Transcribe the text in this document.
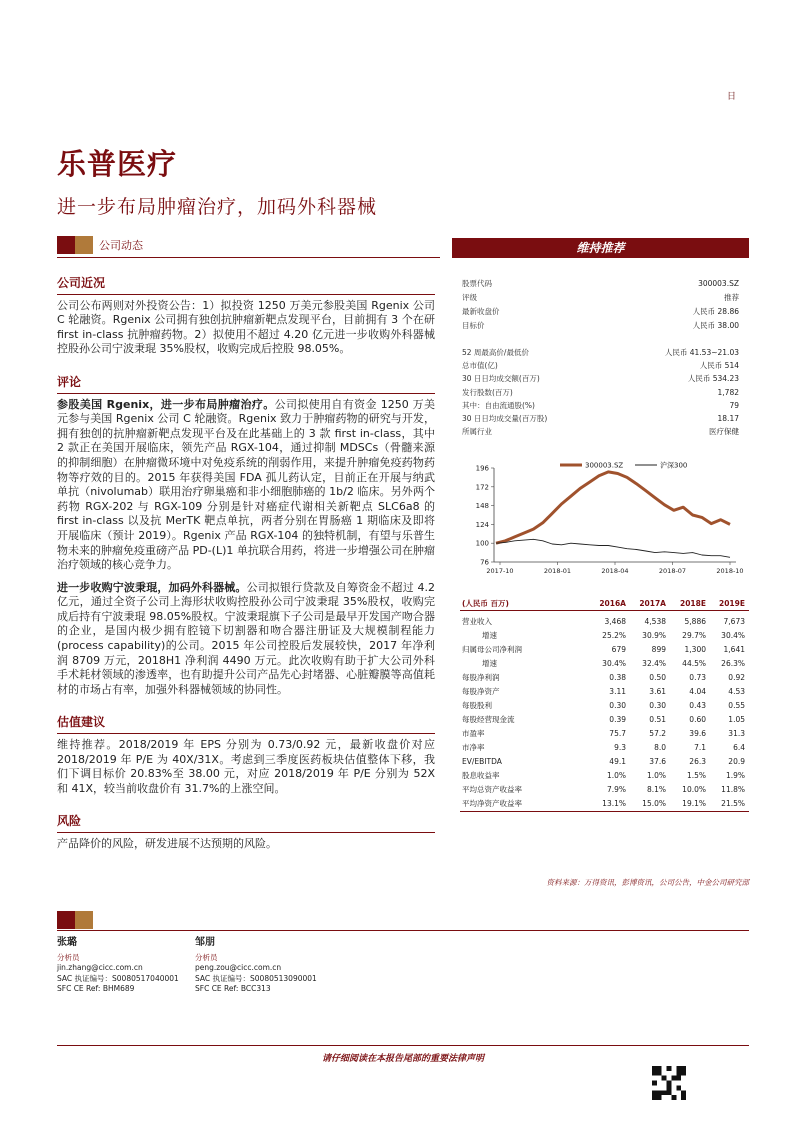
日
乐普医疗
进一步布局肿瘤治疗，加码外科器械
公司动态
公司近况

公司公布两则对外投资公告：1）拟投资 1250 万美元参股美国 Rgenix 公司 C 轮融资。Rgenix 公司拥有独创抗肿瘤新靶点发现平台，目前拥有 3 个在研 first in-class 抗肿瘤药物。2）拟使用不超过 4.20 亿元进一步收购外科器械控股孙公司宁波秉琨 35%股权，收购完成后控股 98.05%。

评论

参股美国 Rgenix，进一步布局肿瘤治疗。公司拟使用自有资金 1250 万美元参与美国 Rgenix 公司 C 轮融资。Rgenix 致力于肿瘤药物的研究与开发，拥有独创的抗肿瘤新靶点发现平台及在此基础上的 3 款 first in-class，其中 2 款正在美国开展临床，领先产品 RGX-104，通过抑制 MDSCs（骨髓来源的抑制细胞）在肿瘤微环境中对免疫系统的削弱作用，来提升肿瘤免疫药物药物等疗效的目的。2015 年获得美国 FDA 孤儿药认定，目前正在开展与纳武单抗（nivolumab）联用治疗卵巢癌和非小细胞肺癌的 1b/2 临床。另外两个药物 RGX-202 与 RGX-109 分别是针对癌症代谢相关新靶点 SLC6a8 的 first in-class 以及抗 MerTK 靶点单抗，两者分别在胃肠癌 1 期临床及即将开展临床（预计 2019）。Rgenix 产品 RGX-104 的独特机制，有望与乐普生物未来的肿瘤免疫重磅产品 PD-(L)1 单抗联合用药，将进一步增强公司在肿瘤治疗领域的核心竞争力。

进一步收购宁波秉琨，加码外科器械。公司拟银行贷款及自筹资金不超过 4.2 亿元，通过全资子公司上海形状收购控股孙公司宁波秉琨 35%股权，收购完成后持有宁波秉琨 98.05%股权。宁波秉琨旗下子公司是最早开发国产吻合器的企业，是国内极少拥有腔镜下切割器和吻合器注册证及大规模制程能力(process capability)的公司。2015 年公司控股后发展较快，2017 年净利润 8709 万元，2018H1 净利润 4490 万元。此次收购有助于扩大公司外科手术耗材领域的渗透率，也有助提升公司产品先心封堵器、心脏瓣膜等高值耗材的市场占有率，加强外科器械领域的协同性。

估值建议

维持推荐。2018/2019 年 EPS 分别为 0.73/0.92 元，最新收盘价对应 2018/2019 年 P/E 为 40X/31X。考虑到三季度医药板块估值整体下移，我们下调目标价 20.83%至 38.00 元，对应 2018/2019 年 P/E 分别为 52X 和 41X，较当前收盘价有 31.7%的上涨空间。

风险

产品降价的风险，研发进展不达预期的风险。

维持推荐
股票代码	300003.SZ
评级	推荐
最新收盘价	人民币 28.86
目标价	人民币 38.00
52 周最高价/最低价	人民币 41.53~21.03
总市值(亿)	人民币 514
30 日日均成交额(百万)	人民币 534.23
发行股数(百万)	1,782
其中：自由流通股(%)	79
30 日日均成交量(百万股)	18.17
所属行业	医疗保健
76
100
124
148
172
196
2017-10	2018-01	2018-04	2018-07	2018-10
300003.SZ	沪深300
(人民币 百万)	2016A	2017A	2018E	2019E
营业收入	3,468	4,538	5,886	7,673
增速	25.2%	30.9%	29.7%	30.4%
归属母公司净利润	679	899	1,300	1,641
增速	30.4%	32.4%	44.5%	26.3%
每股净利润	0.38	0.50	0.73	0.92
每股净资产	3.11	3.61	4.04	4.53
每股股利	0.30	0.30	0.43	0.55
每股经营现金流	0.39	0.51	0.60	1.05
市盈率	75.7	57.2	39.6	31.3
市净率	9.3	8.0	7.1	6.4
EV/EBITDA	49.1	37.6	26.3	20.9
股息收益率	1.0%	1.0%	1.5%	1.9%
平均总资产收益率	7.9%	8.1%	10.0%	11.8%
平均净资产收益率	13.1%	15.0%	19.1%	21.5%
资料来源：万得资讯，彭博资讯，公司公告，中金公司研究部
张璐
分析员
jin.zhang@cicc.com.cn
SAC 执证编号：S0080517040001
SFC CE Ref: BHM689
邹朋
分析员
peng.zou@cicc.com.cn
SAC 执证编号：S0080513090001
SFC CE Ref: BCC313
请仔细阅读在本报告尾部的重要法律声明
